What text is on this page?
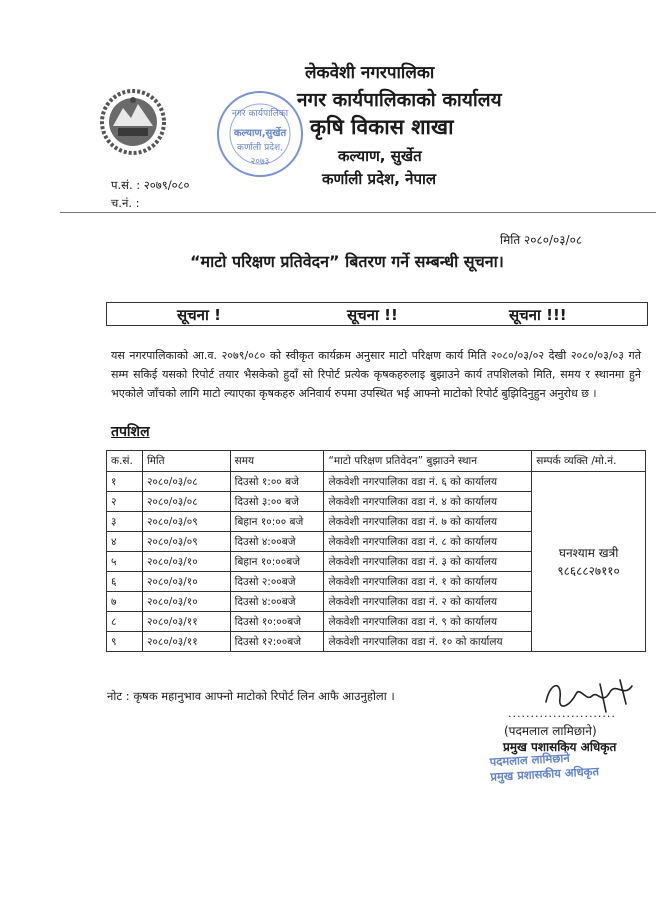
नगर कार्यपालिका
कल्याण,सुर्खेत
कर्णाली प्रदेश,
२०७३
लेकवेशी नगरपालिका
नगर कार्यपालिकाको कार्यालय
कृषि विकास शाखा
कल्याण, सुर्खेत
कर्णाली प्रदेश, नेपाल
प.सं. : २०७९/०८०
च.नं. :
मिति २०८०/०३/०८
“माटो परिक्षण प्रतिवेदन” बितरण गर्ने सम्बन्धी सूचना।
सूचना !	सूचना !!	सूचना !!!
यस नगरपालिकाको आ.व. २०७९/०८० को स्वीकृत कार्यक्रम अनुसार माटो परिक्षण कार्य मिति २०८०/०३/०२ देखी २०८०/०३/०३ गते सम्म सकिई यसको रिपोर्ट तयार भैसकेको हुदाँ सो रिपोर्ट प्रत्येक कृषकहरुलाइ बुझाउने कार्य तपशिलको मिति, समय र स्थानमा हुने भएकोले जाँचको लागि माटो ल्याएका कृषकहरु अनिवार्य रुपमा उपस्थित भई आफ्नो माटोको रिपोर्ट बुझिदिनुहुन अनुरोध छ ।
तपशिल
क.सं.	मिति	समय	“माटो परिक्षण प्रतिवेदन” बुझाउने स्थान	सम्पर्क व्यक्ति /मो.नं.
१	२०८०/०३/०८	दिउसो १:०० बजे	लेकवेशी नगरपालिका वडा नं. ६ को कार्यालय	घनश्याम खत्री
९८६८८२७११०

२	२०८०/०३/०८	दिउसो ३:०० बजे	लेकवेशी नगरपालिका वडा नं. ४ को कार्यालय	
३	२०८०/०३/०९	बिहान १०:०० बजे	लेकवेशी नगरपालिका वडा नं. ७ को कार्यालय	
४	२०८०/०३/०९	दिउसो ४:००बजे	लेकवेशी नगरपालिका वडा नं. ८ को कार्यालय	
५	२०८०/०३/१०	बिहान १०:००बजे	लेकवेशी नगरपालिका वडा नं. ३ को कार्यालय	
६	२०८०/०३/१०	दिउसो २:००बजे	लेकवेशी नगरपालिका वडा नं. १ को कार्यालय	
७	२०८०/०३/१०	दिउसो ४:००बजे	लेकवेशी नगरपालिका वडा नं. २ को कार्यालय	
८	२०८०/०३/११	दिउसो १०:००बजे	लेकवेशी नगरपालिका वडा नं. ९ को कार्यालय	
९	२०८०/०३/११	दिउसो १२:००बजे	लेकवेशी नगरपालिका वडा नं. १० को कार्यालय	
नोट : कृषक महानुभाव आफ्नो माटोको रिपोर्ट लिन आफै आउनुहोला ।
........................
(पदमलाल लामिछाने)
प्रमुख पशासकिय अधिकृत
पदमलाल लामिछाने
प्रमुख प्रशासकीय अधिकृत
